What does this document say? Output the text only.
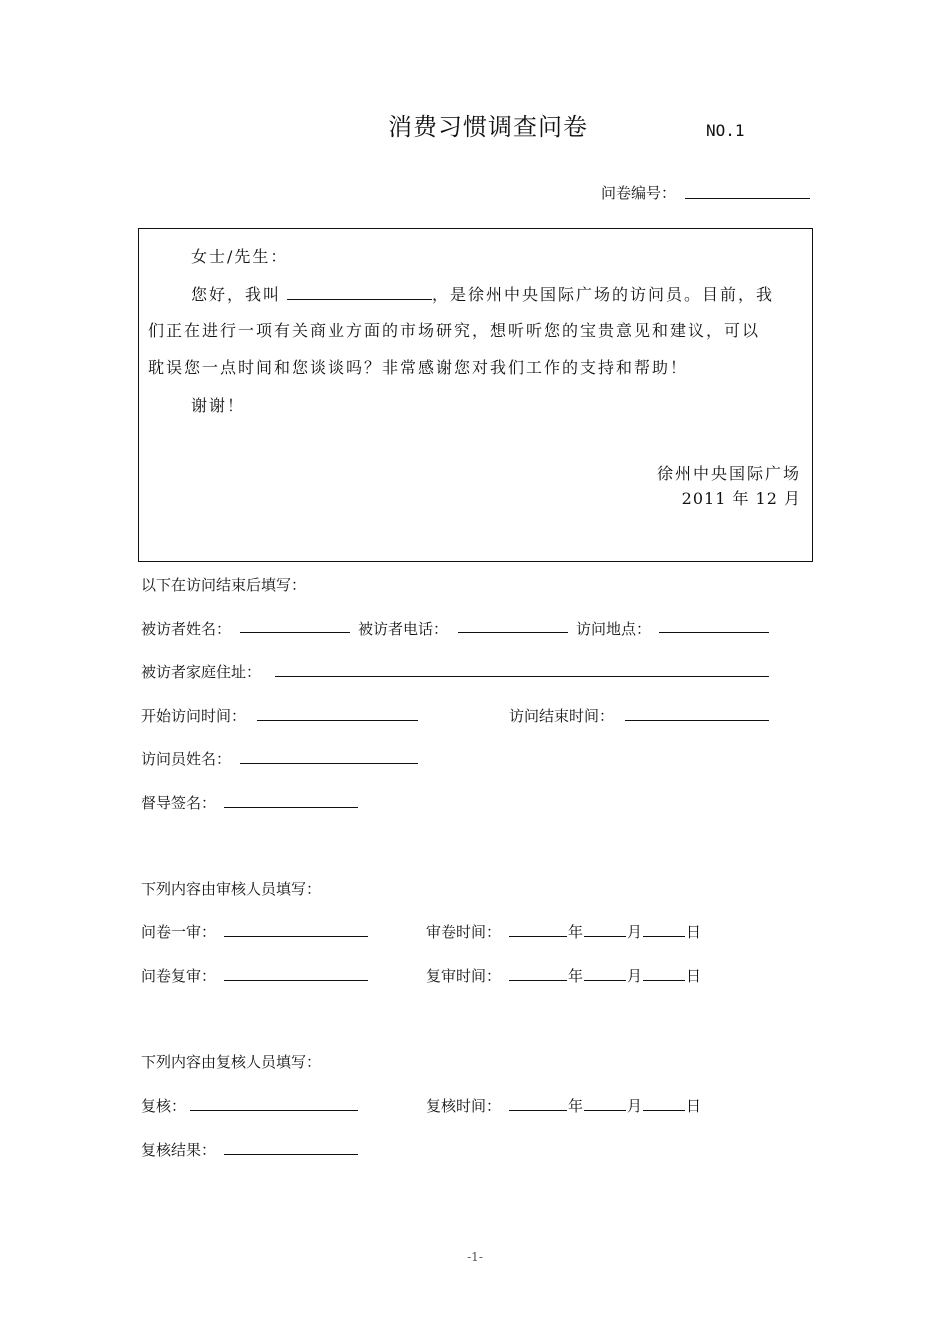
消费习惯调查问卷	NO.1
问卷编号：
女士/先生：
您好，我叫	，是徐州中央国际广场的访问员。目前，我
们正在进行一项有关商业方面的市场研究，想听听您的宝贵意见和建议，可以
耽误您一点时间和您谈谈吗？非常感谢您对我们工作的支持和帮助！
谢谢！
徐州中央国际广场
2011 年 12 月
以下在访问结束后填写：
被访者姓名：	被访者电话：	访问地点：
被访者家庭住址：
开始访问时间：	访问结束时间：
访问员姓名：
督导签名：
下列内容由审核人员填写：
问卷一审：	审卷时间：	年	月	日
问卷复审：	复审时间：	年	月	日
下列内容由复核人员填写：
复核：	复核时间：	年	月	日
复核结果：
-1-
